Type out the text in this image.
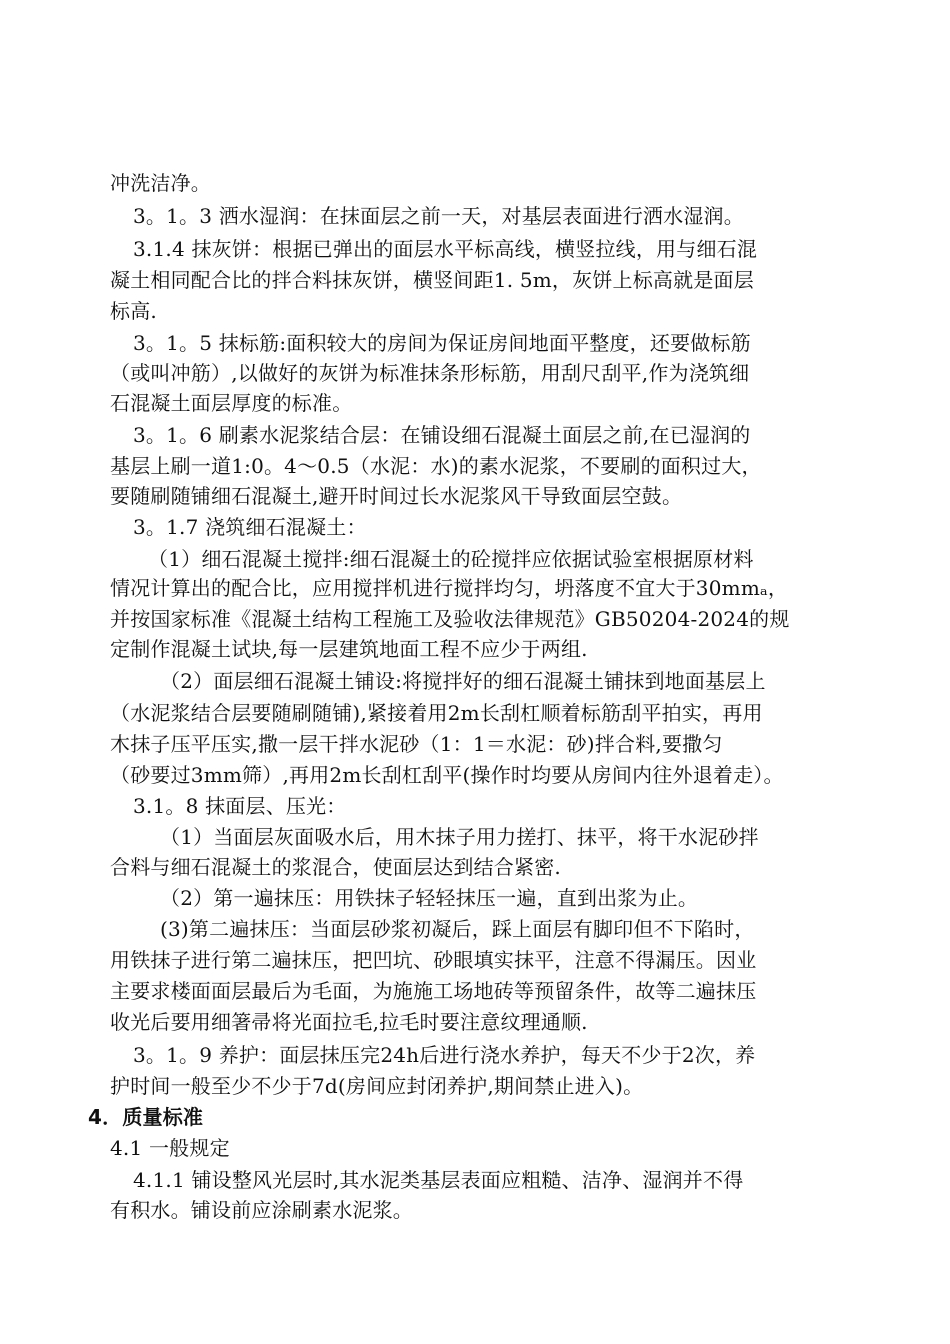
冲洗洁净。
3。1。3 洒水湿润：在抹面层之前一天，对基层表面进行洒水湿润。
3.1.4 抹灰饼：根据已弹出的面层水平标高线，横竖拉线，用与细石混
凝土相同配合比的拌合料抹灰饼，横竖间距1. 5m，灰饼上标高就是面层
标高.
3。1。5 抹标筋:面积较大的房间为保证房间地面平整度，还要做标筋
（或叫冲筋）,以做好的灰饼为标准抹条形标筋，用刮尺刮平,作为浇筑细
石混凝土面层厚度的标准。
3。1。6 刷素水泥浆结合层：在铺设细石混凝土面层之前,在已湿润的
基层上刷一道1:0。4～0.5（水泥：水)的素水泥浆，不要刷的面积过大，
要随刷随铺细石混凝土,避开时间过长水泥浆风干导致面层空鼓。
3。1.7 浇筑细石混凝土：
（1）细石混凝土搅拌:细石混凝土的砼搅拌应依据试验室根据原材料
情况计算出的配合比，应用搅拌机进行搅拌均匀，坍落度不宜大于30mmₐ，
并按国家标准《混凝土结构工程施工及验收法律规范》GB50204-2024的规
定制作混凝土试块,每一层建筑地面工程不应少于两组.
（2）面层细石混凝土铺设:将搅拌好的细石混凝土铺抹到地面基层上
（水泥浆结合层要随刷随铺),紧接着用2m长刮杠顺着标筋刮平拍实，再用
木抹子压平压实,撒一层干拌水泥砂（1：1＝水泥：砂)拌合料,要撒匀
（砂要过3mm筛）,再用2m长刮杠刮平(操作时均要从房间内往外退着走）。
3.1。8 抹面层、压光：
（1）当面层灰面吸水后，用木抹子用力搓打、抹平，将干水泥砂拌
合料与细石混凝土的浆混合，使面层达到结合紧密.
（2）第一遍抹压：用铁抹子轻轻抹压一遍，直到出浆为止。
(3)第二遍抹压：当面层砂浆初凝后，踩上面层有脚印但不下陷时，
用铁抹子进行第二遍抹压，把凹坑、砂眼填实抹平，注意不得漏压。因业
主要求楼面面层最后为毛面，为施施工场地砖等预留条件，故等二遍抹压
收光后要用细箸帚将光面拉毛,拉毛时要注意纹理通顺.
3。1。9 养护：面层抹压完24h后进行浇水养护，每天不少于2次，养
护时间一般至少不少于7d(房间应封闭养护,期间禁止进入)。
4．质量标准
4.1 一般规定
4.1.1 铺设整风光层时,其水泥类基层表面应粗糙、洁净、湿润并不得
有积水。铺设前应涂刷素水泥浆。
